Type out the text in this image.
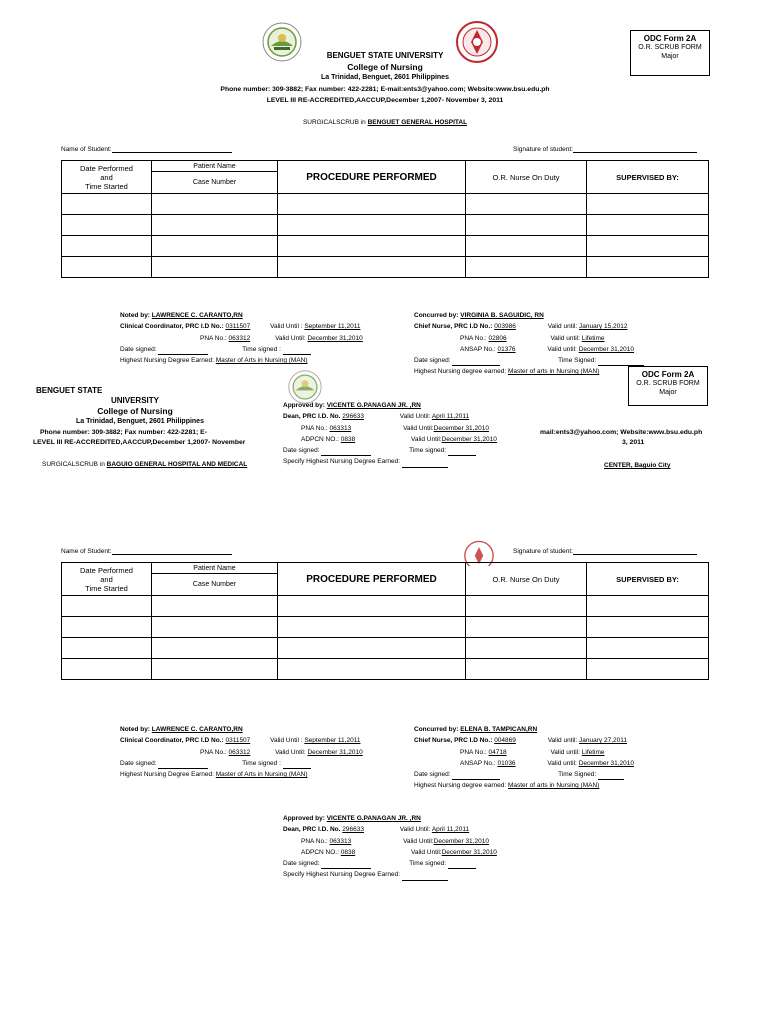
BENGUET STATE UNIVERSITY
College of Nursing
La Trinidad, Benguet, 2601 Philippines
Phone number: 309-3882; Fax number: 422-2281; E-mail:ents3@yahoo.com; Website:www.bsu.edu.ph
LEVEL III RE-ACCREDITED,AACCUP,December 1,2007- November 3, 2011
ODC Form 2A
O.R. SCRUB FORM
Major
SURGICALSCRUB in BENGUET GENERAL HOSPITAL
Name of Student:	Signature of student:
Date Performed
and
Time Started	Patient Name	PROCEDURE PERFORMED	O.R. Nurse On Duty	SUPERVISED BY:
	Case Number			

Noted by: LAWRENCE C. CARANTO,RN
Clinical Coordinator, PRC I.D No.: 0311507	Valid Until : September 11,2011
PNA No.: 063312	Valid Until: December 31,2010
Date signed:	Time signed :
Highest Nursing Degree Earned: Master of Arts in Nursing (MAN)
Concurred by: VIRGINIA B. SAGUIDIC, RN
Chief Nurse, PRC I.D No.: 003986	Valid until: January 15,2012
PNA No.: 02806	Valid until: Lifetime
ANSAP No.: 01376	Valid until: December 31,2010
Date signed:	Time Signed:
Highest Nursing degree earned: Master of arts in Nursing (MAN)	ODC Form 2A
O.R. SCRUB FORM
Major
BENGUET STATE
UNIVERSITY
College of Nursing
La Trinidad, Benguet, 2601 Philippines
Phone number: 309-3882; Fax number: 422-2281; E-
LEVEL III RE-ACCREDITED,AACCUP,December 1,2007- November
mail:ents3@yahoo.com; Website:www.bsu.edu.ph
3, 2011
Approved by: VICENTE G.PANAGAN JR. ,RN
Dean, PRC I.D. No. 296633	Valid Until: April 11,2011
PNA No.: 063313	Valid Until:December 31,2010
ADPCN NO.: 0838	Valid Until:December 31,2010
Date signed:	Time signed:
Specify Highest Nursing Degree Earned:
SURGICALSCRUB in BAGUIO GENERAL HOSPITAL AND MEDICAL	CENTER, Baguio City
Name of Student:	Signature of student:
Date Performed
and
Time Started	Patient Name	PROCEDURE PERFORMED	O.R. Nurse On Duty	SUPERVISED BY:
	Case Number			

Noted by: LAWRENCE C. CARANTO,RN
Clinical Coordinator, PRC I.D No.: 0311507	Valid Until : September 11,2011
PNA No.: 063312	Valid Until: December 31,2010
Date signed:	Time signed :
Highest Nursing Degree Earned: Master of Arts in Nursing (MAN)
Concurred by: ELENA B. TAMPICAN,RN
Chief Nurse, PRC I.D No.: 004869	Valid until: January 27,2011
PNA No.: 04718	Valid until: Lifetime
ANSAP No.: 01036	Valid until: December 31,2010
Date signed:	Time Signed:
Highest Nursing degree earned: Master of arts in Nursing (MAN)
Approved by: VICENTE G.PANAGAN JR. ,RN
Dean, PRC I.D. No. 296633	Valid Until: April 11,2011
PNA No.: 063313	Valid Until:December 31,2010
ADPCN NO.: 0838	Valid Until:December 31,2010
Date signed:	Time signed:
Specify Highest Nursing Degree Earned:
